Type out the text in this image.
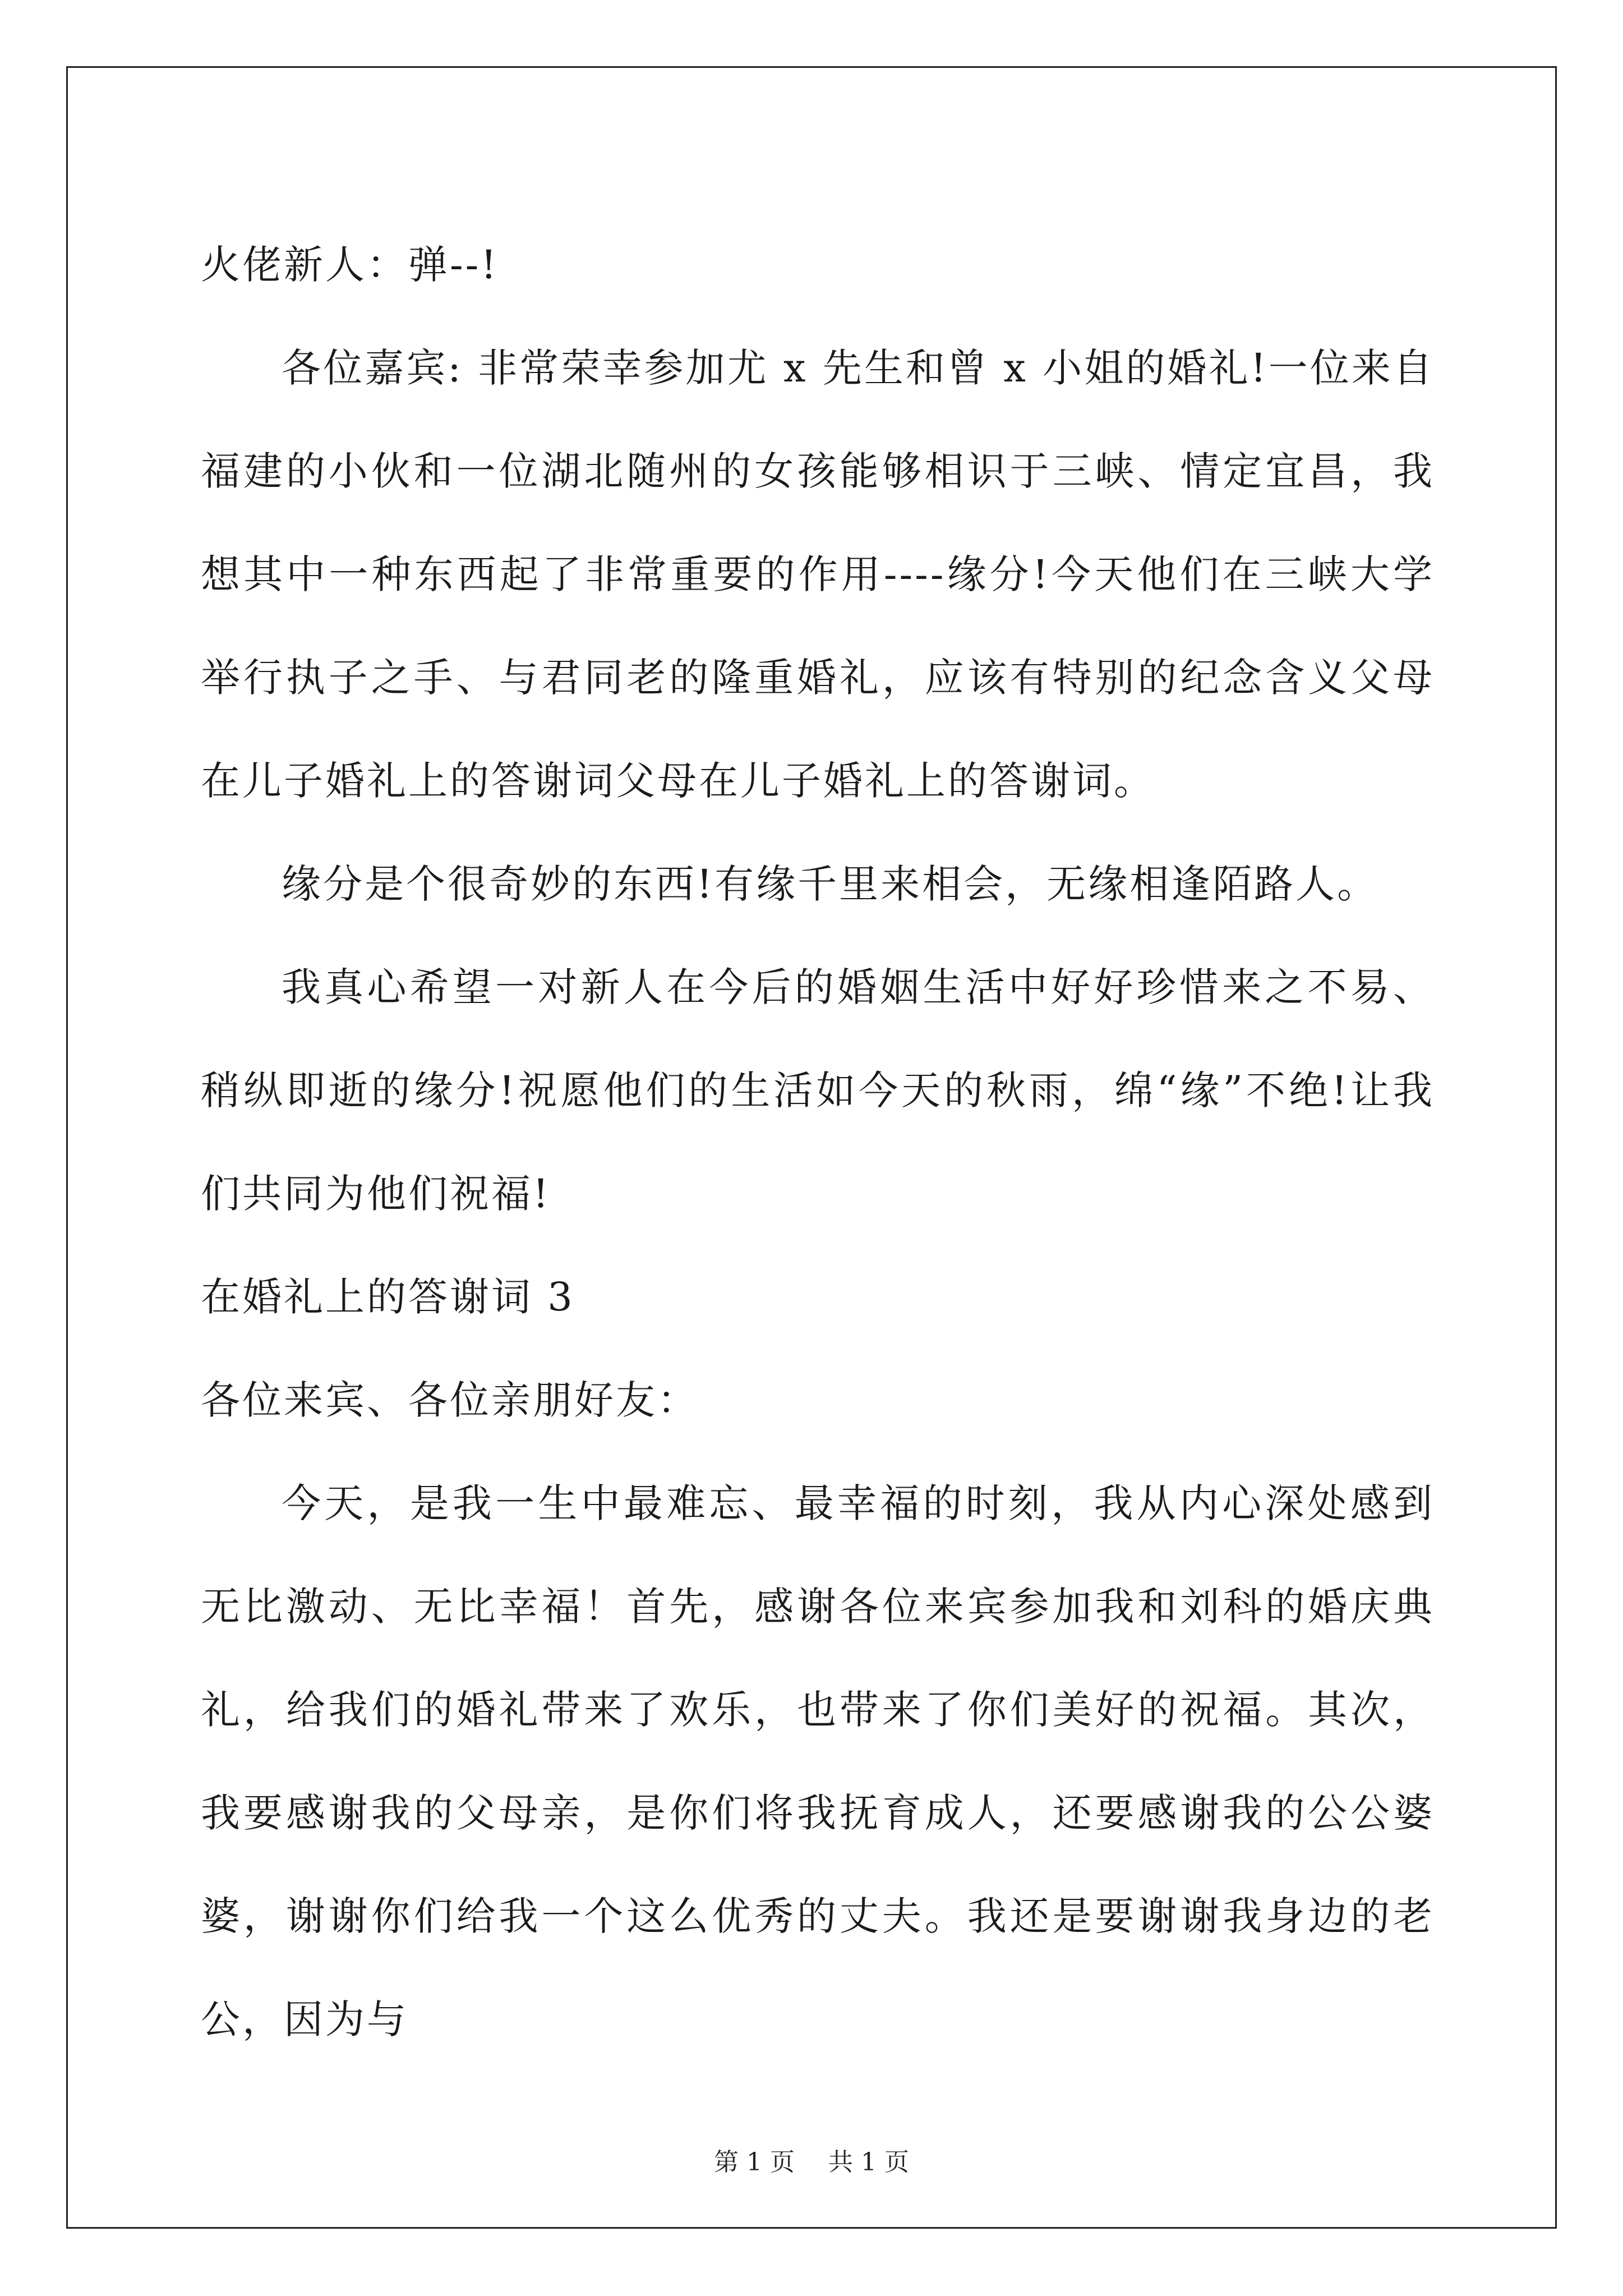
火佬新人：弹--!

各位嘉宾: 非常荣幸参加尤 x 先生和曾 x 小姐的婚礼!一位来自福建的小伙和一位湖北随州的女孩能够相识于三峡、情定宜昌，我想其中一种东西起了非常重要的作用----缘分!今天他们在三峡大学举行执子之手、与君同老的隆重婚礼，应该有特别的纪念含义父母在儿子婚礼上的答谢词父母在儿子婚礼上的答谢词。

缘分是个很奇妙的东西!有缘千里来相会，无缘相逢陌路人。

我真心希望一对新人在今后的婚姻生活中好好珍惜来之不易、稍纵即逝的缘分!祝愿他们的生活如今天的秋雨，绵“缘”不绝!让我们共同为他们祝福!

在婚礼上的答谢词 3

各位来宾、各位亲朋好友：

今天，是我一生中最难忘、最幸福的时刻，我从内心深处感到无比激动、无比幸福！首先，感谢各位来宾参加我和刘科的婚庆典礼，给我们的婚礼带来了欢乐，也带来了你们美好的祝福。其次，我要感谢我的父母亲，是你们将我抚育成人，还要感谢我的公公婆婆，谢谢你们给我一个这么优秀的丈夫。我还是要谢谢我身边的老公，因为与

第 1 页 共 1 页
